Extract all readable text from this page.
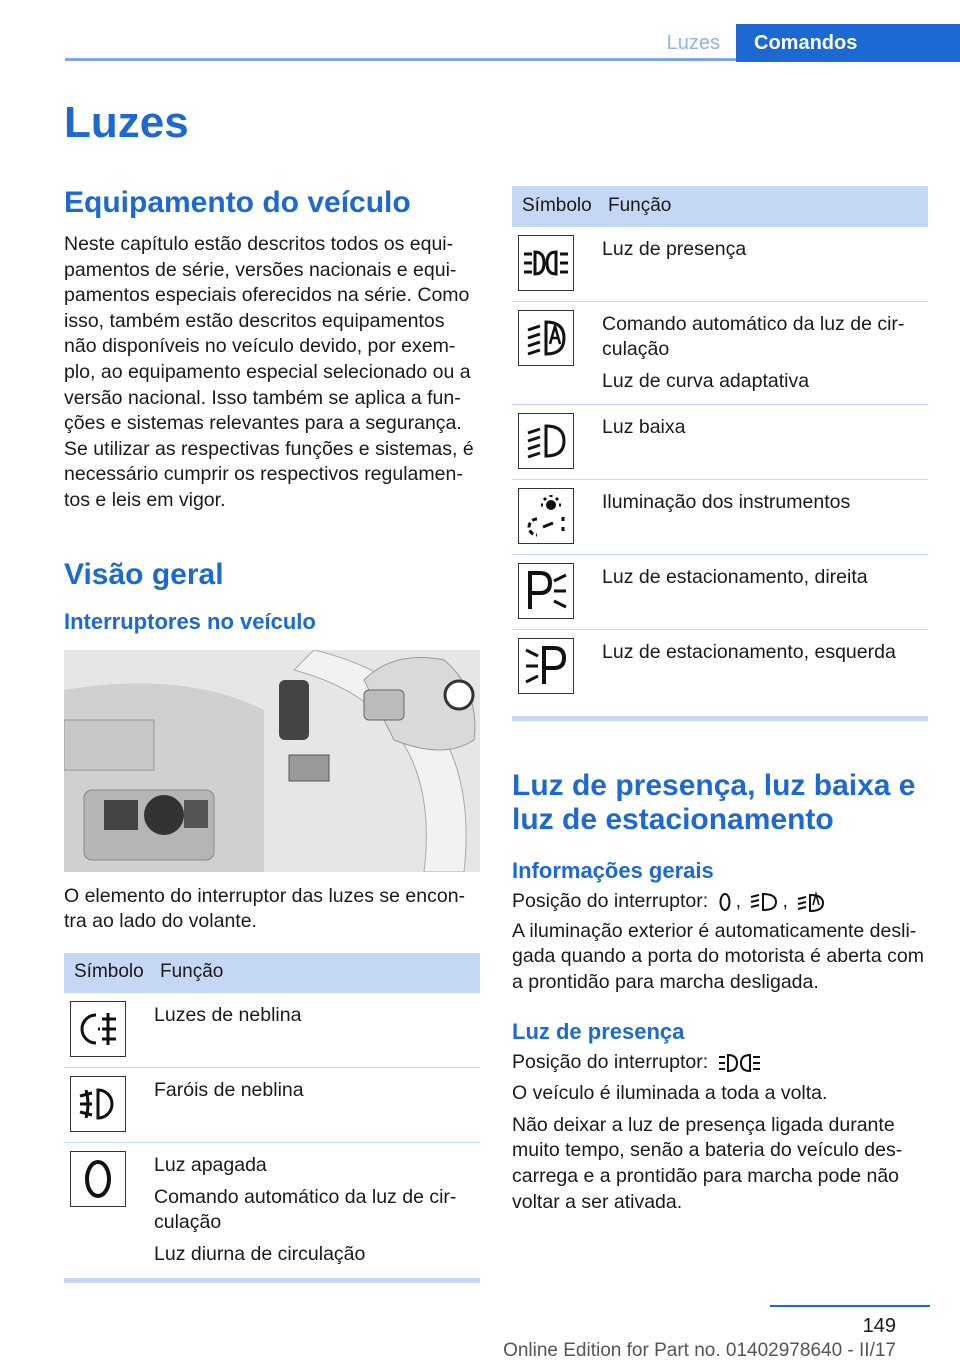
Luzes	Comandos
Luzes
Equipamento do veículo

Neste capítulo estão descritos todos os equi-pamentos de série, versões nacionais e equi-pamentos especiais oferecidos na série. Como isso, também estão descritos equipamentos não disponíveis no veículo devido, por exem-plo, ao equipamento especial selecionado ou a versão nacional. Isso também se aplica a fun-ções e sistemas relevantes para a segurança. Se utilizar as respectivas funções e sistemas, é necessário cumprir os respectivos regulamen-tos e leis em vigor.

Visão geral
Interruptores no veículo

O elemento do interruptor das luzes se encon-tra ao lado do volante.

Símbolo	Função

Luzes de neblina

Faróis de neblina

Luz apagada
Comando automático da luz de cir-culação
Luz diurna de circulação
Símbolo	Função

Luz de presença

Comando automático da luz de cir-culação
Luz de curva adaptativa

Luz baixa

Iluminação dos instrumentos

Luz de estacionamento, direita

Luz de estacionamento, esquerda
Luz de presença, luz baixa e luz de estacionamento
Informações gerais

Posição do interruptor: , ,

A iluminação exterior é automaticamente desli-gada quando a porta do motorista é aberta com a prontidão para marcha desligada.

Luz de presença

Posição do interruptor:

O veículo é iluminada a toda a volta.

Não deixar a luz de presença ligada durante muito tempo, senão a bateria do veículo des-carrega e a prontidão para marcha pode não voltar a ser ativada.

149
Online Edition for Part no. 01402978640 - II/17
